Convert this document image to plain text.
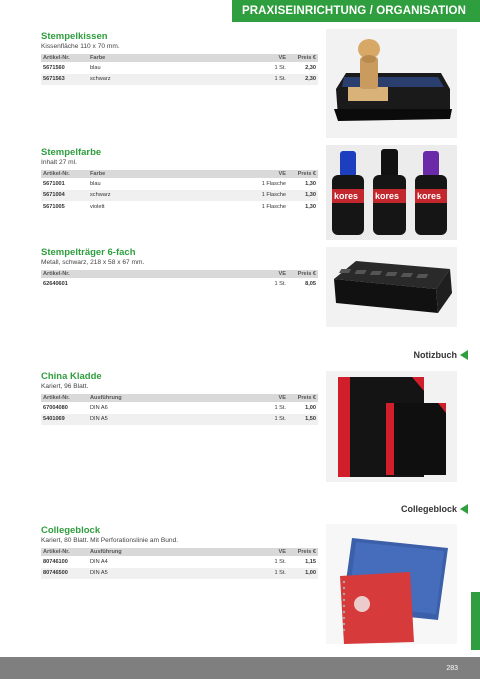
PRAXISEINRICHTUNG / ORGANISATION
Stempelkissen
Kissenfläche 110 x 70 mm.
Artikel-Nr.	Farbe	VE	Preis €
5671560	blau	1 St.	2,30
5671563	schwarz	1 St.	2,30
Stempelfarbe
Inhalt 27 ml.
Artikel-Nr.	Farbe	VE	Preis €
5671001	blau	1 Flasche	1,30
5671004	schwarz	1 Flasche	1,30
5671005	violett	1 Flasche	1,30
kores kores kores
Stempelträger 6-fach
Metall, schwarz, 218 x 58 x 67 mm.
Artikel-Nr.		VE	Preis €
62640601		1 St.	8,05
Notizbuch
China Kladde
Kariert, 96 Blatt.
Artikel-Nr.	Ausführung	VE	Preis €
67004080	DIN A6	1 St.	1,00
5401069	DIN A5	1 St.	1,50
Collegeblock
Collegeblock
Kariert, 80 Blatt. Mit Perforationslinie am Bund.
Artikel-Nr.	Ausführung	VE	Preis €
80746100	DIN A4	1 St.	1,15
80746500	DIN A5	1 St.	1,00
283
